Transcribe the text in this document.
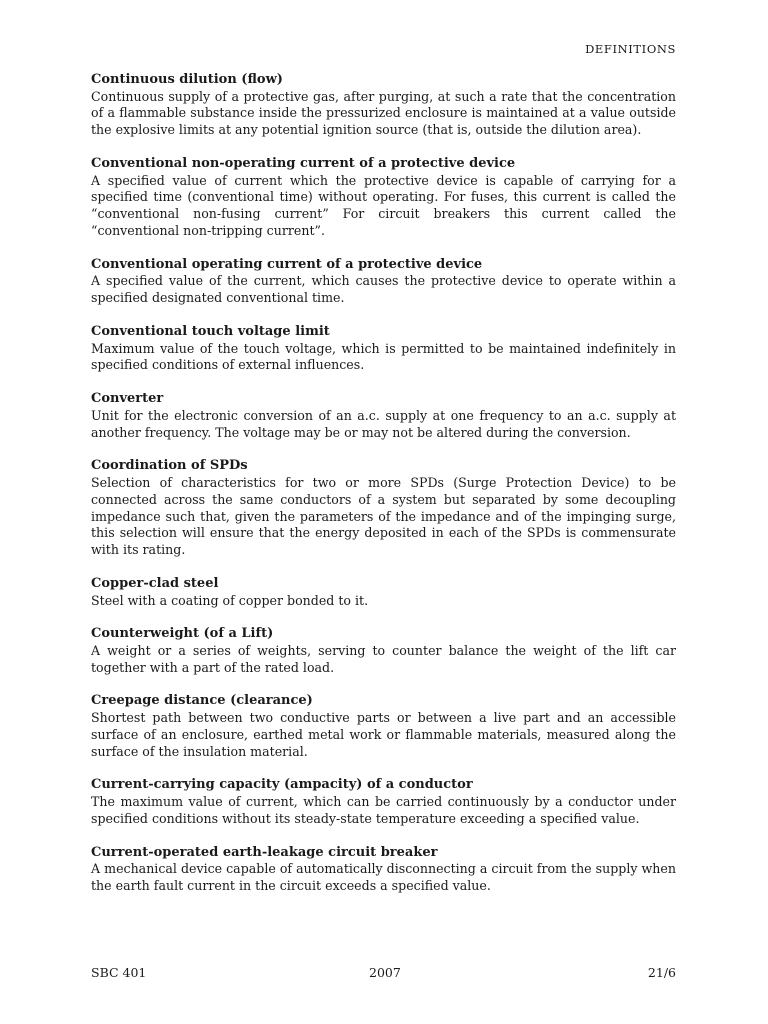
DEFINITIONS

Continuous dilution (flow)

Continuous supply of a protective gas, after purging, at such a rate that the concentration of a flammable substance inside the pressurized enclosure is maintained at a value outside the explosive limits at any potential ignition source (that is, outside the dilution area).

Conventional non-operating current of a protective device

A specified value of current which the protective device is capable of carrying for a specified time (conventional time) without operating. For fuses, this current is called the “conventional non-fusing current” For circuit breakers this current called the “conventional non-tripping current”.

Conventional operating current of a protective device

A specified value of the current, which causes the protective device to operate within a specified designated conventional time.

Conventional touch voltage limit

Maximum value of the touch voltage, which is permitted to be maintained indefinitely in specified conditions of external influences.

Converter

Unit for the electronic conversion of an a.c. supply at one frequency to an a.c. supply at another frequency. The voltage may be or may not be altered during the conversion.

Coordination of SPDs

Selection of characteristics for two or more SPDs (Surge Protection Device) to be connected across the same conductors of a system but separated by some decoupling impedance such that, given the parameters of the impedance and of the impinging surge, this selection will ensure that the energy deposited in each of the SPDs is commensurate with its rating.

Copper-clad steel

Steel with a coating of copper bonded to it.

Counterweight (of a Lift)

A weight or a series of weights, serving to counter balance the weight of the lift car together with a part of the rated load.

Creepage distance (clearance)

Shortest path between two conductive parts or between a live part and an accessible surface of an enclosure, earthed metal work or flammable materials, measured along the surface of the insulation material.

Current-carrying capacity (ampacity) of a conductor

The maximum value of current, which can be carried continuously by a conductor under specified conditions without its steady-state temperature exceeding a specified value.

Current-operated earth-leakage circuit breaker

A mechanical device capable of automatically disconnecting a circuit from the supply when the earth fault current in the circuit exceeds a specified value.

SBC 401	2007	21/6
